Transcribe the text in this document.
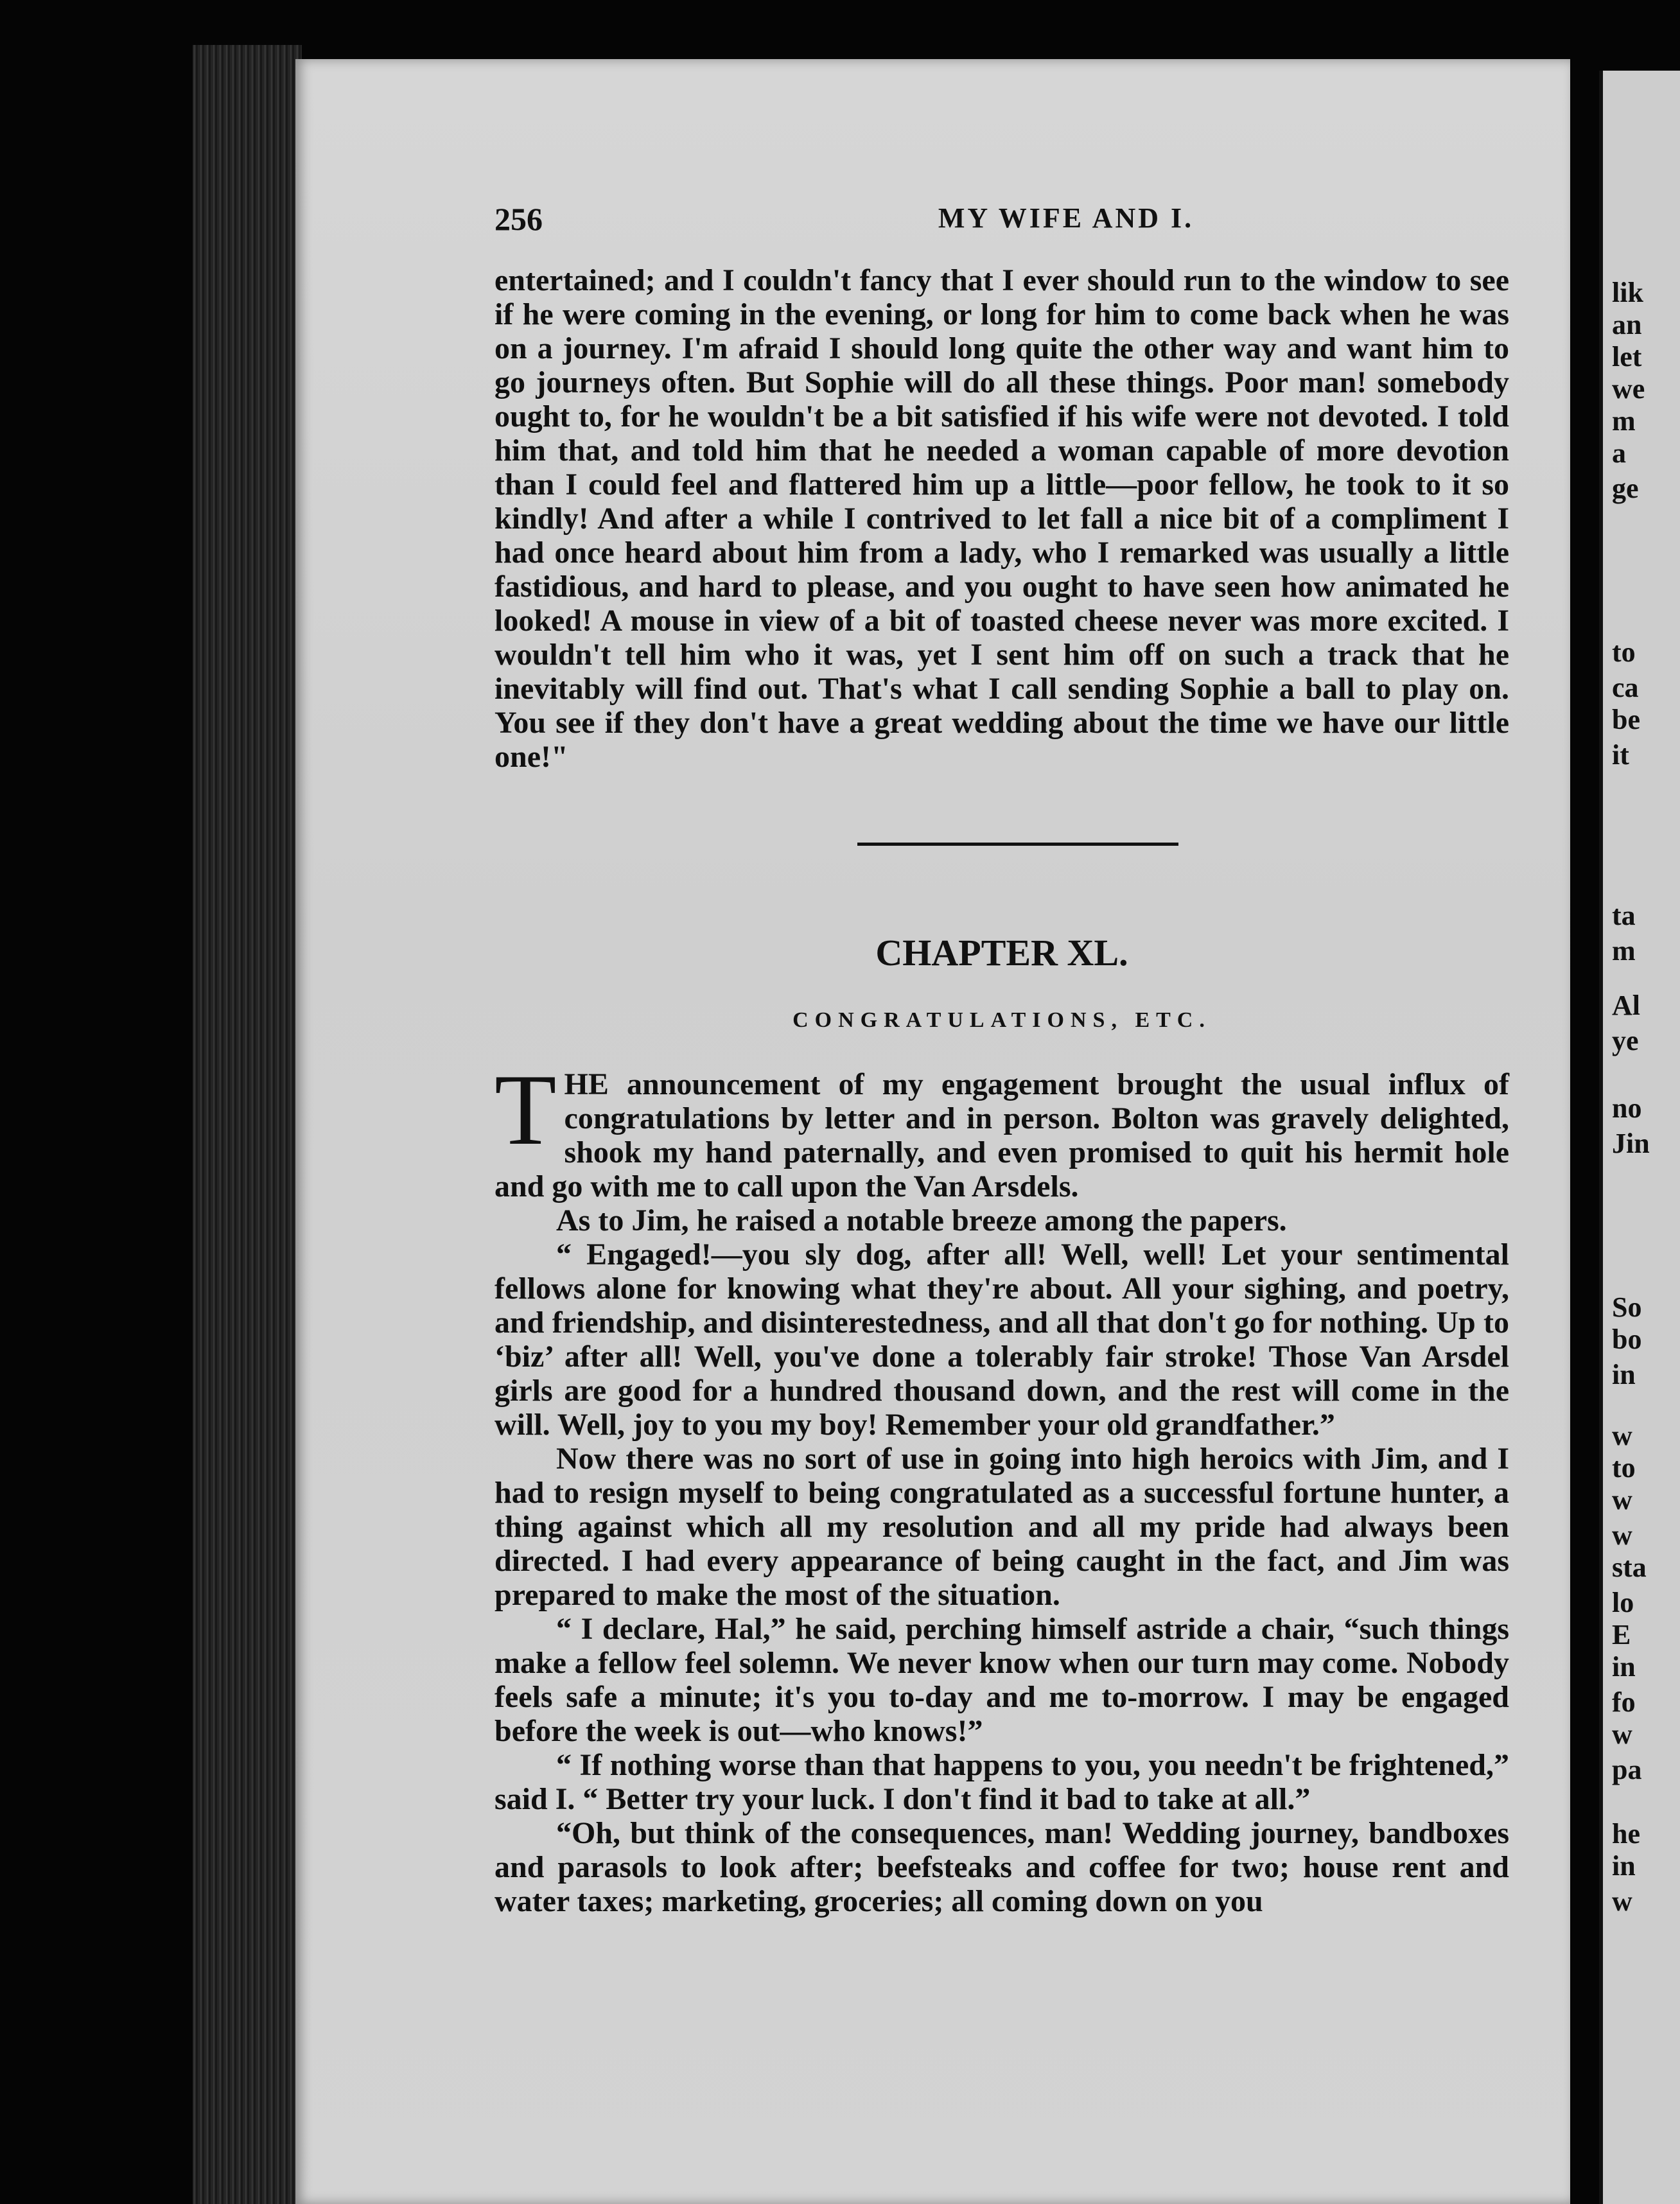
256	MY WIFE AND I.
entertained; and I couldn't fancy that I ever should run to the window to see if he were coming in the evening, or long for him to come back when he was on a journey. I'm afraid I should long quite the other way and want him to go journeys often. But Sophie will do all these things. Poor man! somebody ought to, for he wouldn't be a bit satisfied if his wife were not devoted. I told him that, and told him that he needed a woman capable of more devotion than I could feel and flattered him up a little—poor fellow, he took to it so kindly! And after a while I contrived to let fall a nice bit of a compliment I had once heard about him from a lady, who I remarked was usually a little fastidious, and hard to please, and you ought to have seen how animated he looked! A mouse in view of a bit of toasted cheese never was more excited. I wouldn't tell him who it was, yet I sent him off on such a track that he inevitably will find out. That's what I call sending Sophie a ball to play on. You see if they don't have a great wedding about the time we have our little one!"
CHAPTER XL.
CONGRATULATIONS, ETC.

THE announcement of my engagement brought the usual influx of congratulations by letter and in person. Bolton was gravely delighted, shook my hand paternally, and even promised to quit his hermit hole and go with me to call upon the Van Arsdels.

As to Jim, he raised a notable breeze among the papers.

“ Engaged!—you sly dog, after all! Well, well! Let your sentimental fellows alone for knowing what they're about. All your sighing, and poetry, and friendship, and disinterestedness, and all that don't go for nothing. Up to ‘biz’ after all! Well, you've done a tolerably fair stroke! Those Van Arsdel girls are good for a hundred thousand down, and the rest will come in the will. Well, joy to you my boy! Remember your old grandfather.”

Now there was no sort of use in going into high heroics with Jim, and I had to resign myself to being congratulated as a successful fortune hunter, a thing against which all my resolution and all my pride had always been directed. I had every appearance of being caught in the fact, and Jim was prepared to make the most of the situation.

“ I declare, Hal,” he said, perching himself astride a chair, “such things make a fellow feel solemn. We never know when our turn may come. Nobody feels safe a minute; it's you to-day and me to-morrow. I may be engaged before the week is out—who knows!”

“ If nothing worse than that happens to you, you needn't be frightened,” said I. “ Better try your luck. I don't find it bad to take at all.”

“Oh, but think of the consequences, man! Wedding journey, bandboxes and parasols to look after; beefsteaks and coffee for two; house rent and water taxes; marketing, groceries; all coming down on you

lik
an
let
we
m
a
ge
to
ca
be
it
ta
m
Al
ye
no
Jin
So
bo
in
w
to
w
w
sta
lo
E
in
fo
w
pa
he
in
w
